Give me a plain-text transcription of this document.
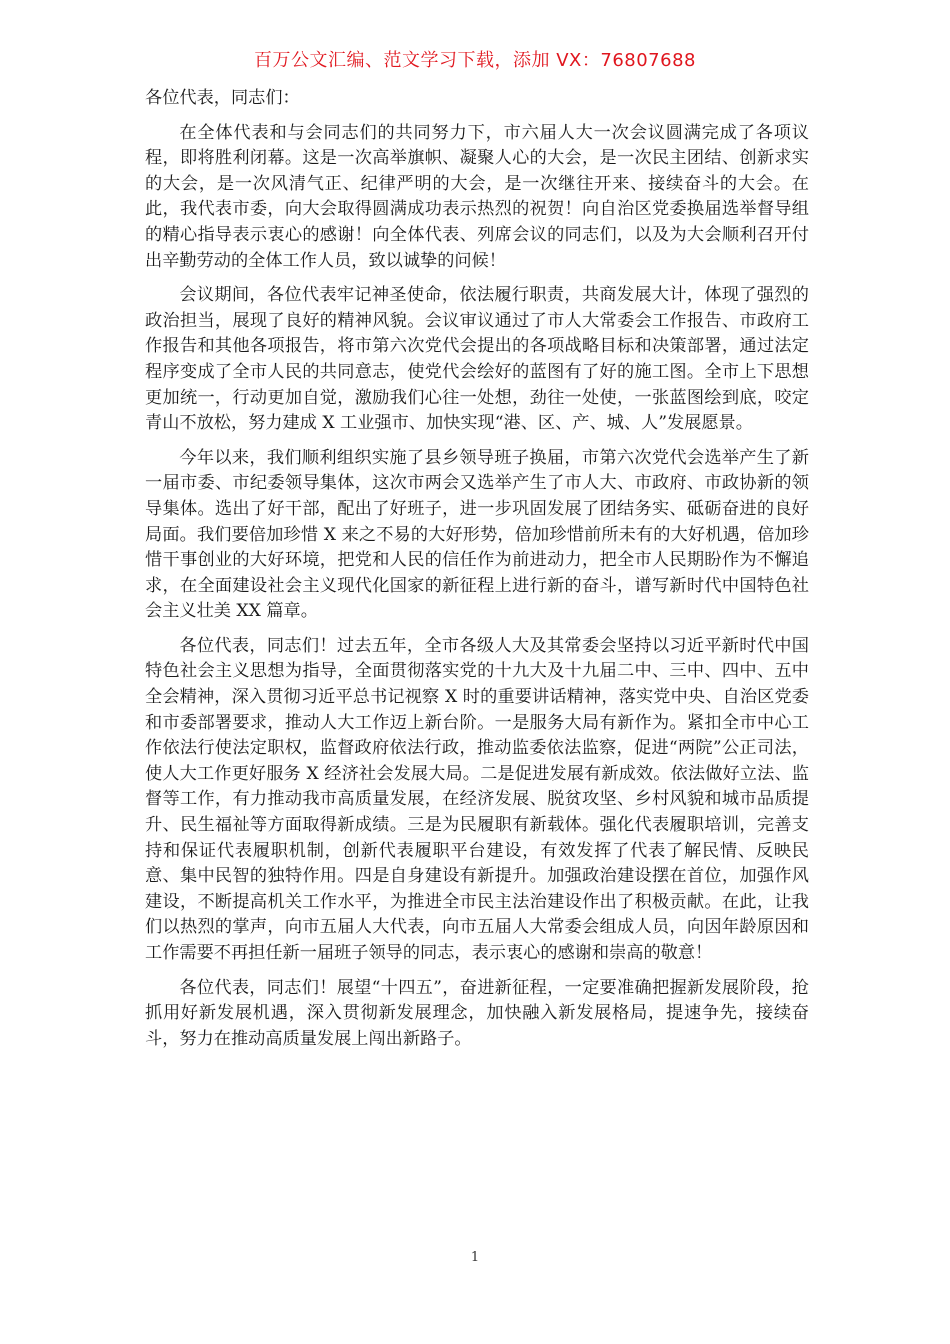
百万公文汇编、范文学习下载，添加 VX：76807688

各位代表，同志们：

在全体代表和与会同志们的共同努力下，市六届人大一次会议圆满完成了各项议程，即将胜利闭幕。这是一次高举旗帜、凝聚人心的大会，是一次民主团结、创新求实的大会，是一次风清气正、纪律严明的大会，是一次继往开来、接续奋斗的大会。在此，我代表市委，向大会取得圆满成功表示热烈的祝贺！向自治区党委换届选举督导组的精心指导表示衷心的感谢！向全体代表、列席会议的同志们，以及为大会顺利召开付出辛勤劳动的全体工作人员，致以诚挚的问候！

会议期间，各位代表牢记神圣使命，依法履行职责，共商发展大计，体现了强烈的政治担当，展现了良好的精神风貌。会议审议通过了市人大常委会工作报告、市政府工作报告和其他各项报告，将市第六次党代会提出的各项战略目标和决策部署，通过法定程序变成了全市人民的共同意志，使党代会绘好的蓝图有了好的施工图。全市上下思想更加统一，行动更加自觉，激励我们心往一处想，劲往一处使，一张蓝图绘到底，咬定青山不放松，努力建成 X 工业强市、加快实现“港、区、产、城、人”发展愿景。

今年以来，我们顺利组织实施了县乡领导班子换届，市第六次党代会选举产生了新一届市委、市纪委领导集体，这次市两会又选举产生了市人大、市政府、市政协新的领导集体。选出了好干部，配出了好班子，进一步巩固发展了团结务实、砥砺奋进的良好局面。我们要倍加珍惜 X 来之不易的大好形势，倍加珍惜前所未有的大好机遇，倍加珍惜干事创业的大好环境，把党和人民的信任作为前进动力，把全市人民期盼作为不懈追求，在全面建设社会主义现代化国家的新征程上进行新的奋斗，谱写新时代中国特色社会主义壮美 XX 篇章。

各位代表，同志们！过去五年，全市各级人大及其常委会坚持以习近平新时代中国特色社会主义思想为指导，全面贯彻落实党的十九大及十九届二中、三中、四中、五中全会精神，深入贯彻习近平总书记视察 X 时的重要讲话精神，落实党中央、自治区党委和市委部署要求，推动人大工作迈上新台阶。一是服务大局有新作为。紧扣全市中心工作依法行使法定职权，监督政府依法行政，推动监委依法监察，促进“两院”公正司法，使人大工作更好服务 X 经济社会发展大局。二是促进发展有新成效。依法做好立法、监督等工作，有力推动我市高质量发展，在经济发展、脱贫攻坚、乡村风貌和城市品质提升、民生福祉等方面取得新成绩。三是为民履职有新载体。强化代表履职培训，完善支持和保证代表履职机制，创新代表履职平台建设，有效发挥了代表了解民情、反映民意、集中民智的独特作用。四是自身建设有新提升。加强政治建设摆在首位，加强作风建设，不断提高机关工作水平，为推进全市民主法治建设作出了积极贡献。在此，让我们以热烈的掌声，向市五届人大代表，向市五届人大常委会组成人员，向因年龄原因和工作需要不再担任新一届班子领导的同志，表示衷心的感谢和崇高的敬意！

各位代表，同志们！展望“十四五”，奋进新征程，一定要准确把握新发展阶段，抢抓用好新发展机遇，深入贯彻新发展理念，加快融入新发展格局，提速争先，接续奋斗，努力在推动高质量发展上闯出新路子。

1
